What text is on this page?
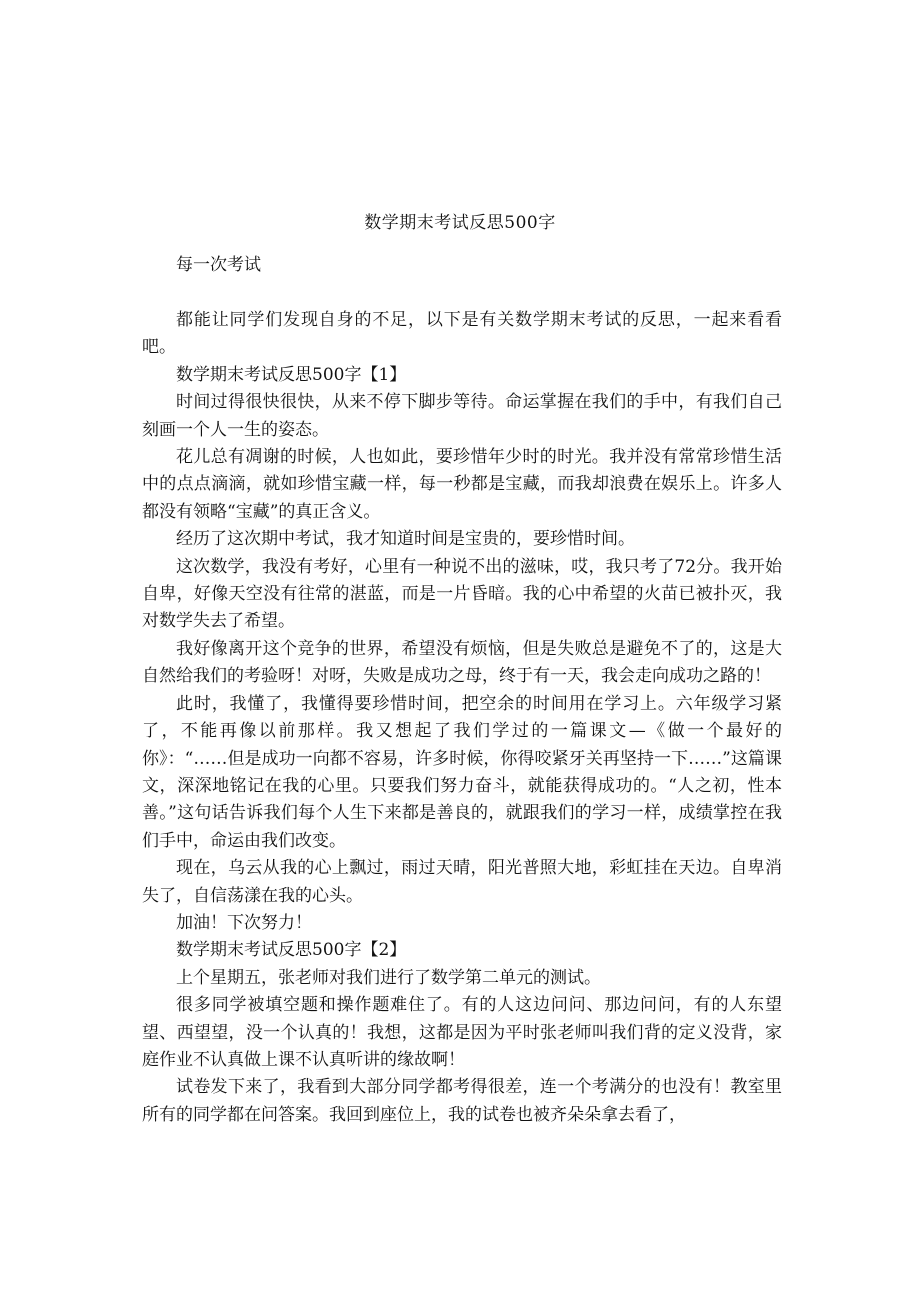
数学期末考试反思500字
每一次考试

都能让同学们发现自身的不足，以下是有关数学期末考试的反思，一起来看看吧。

数学期末考试反思500字【1】

时间过得很快很快，从来不停下脚步等待。命运掌握在我们的手中，有我们自己刻画一个人一生的姿态。

花儿总有凋谢的时候，人也如此，要珍惜年少时的时光。我并没有常常珍惜生活中的点点滴滴，就如珍惜宝藏一样，每一秒都是宝藏，而我却浪费在娱乐上。许多人都没有领略“宝藏”的真正含义。

经历了这次期中考试，我才知道时间是宝贵的，要珍惜时间。

这次数学，我没有考好，心里有一种说不出的滋味，哎，我只考了72分。我开始自卑，好像天空没有往常的湛蓝，而是一片昏暗。我的心中希望的火苗已被扑灭，我对数学失去了希望。

我好像离开这个竞争的世界，希望没有烦恼，但是失败总是避免不了的，这是大自然给我们的考验呀！对呀，失败是成功之母，终于有一天，我会走向成功之路的！

此时，我懂了，我懂得要珍惜时间，把空余的时间用在学习上。六年级学习紧了，不能再像以前那样。我又想起了我们学过的一篇课文—《做一个最好的你》：“……但是成功一向都不容易，许多时候，你得咬紧牙关再坚持一下……”这篇课文，深深地铭记在我的心里。只要我们努力奋斗，就能获得成功的。“人之初，性本善。”这句话告诉我们每个人生下来都是善良的，就跟我们的学习一样，成绩掌控在我们手中，命运由我们改变。

现在，乌云从我的心上飘过，雨过天晴，阳光普照大地，彩虹挂在天边。自卑消失了，自信荡漾在我的心头。

加油！下次努力！

数学期末考试反思500字【2】

上个星期五，张老师对我们进行了数学第二单元的测试。

很多同学被填空题和操作题难住了。有的人这边问问、那边问问，有的人东望望、西望望，没一个认真的！我想，这都是因为平时张老师叫我们背的定义没背，家庭作业不认真做上课不认真听讲的缘故啊！

试卷发下来了，我看到大部分同学都考得很差，连一个考满分的也没有！教室里所有的同学都在问答案。我回到座位上，我的试卷也被齐朵朵拿去看了，
